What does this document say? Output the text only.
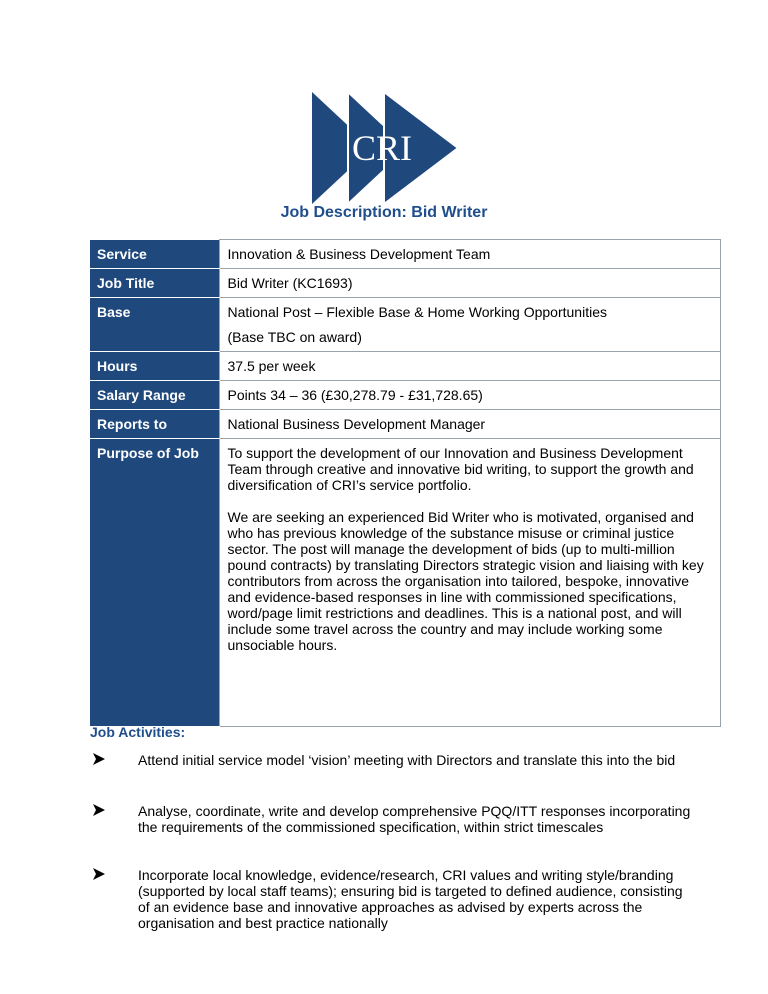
CRI
Job Description: Bid Writer
Service	Innovation & Business Development Team
Job Title	Bid Writer (KC1693)
Base	National Post – Flexible Base & Home Working Opportunities
(Base TBC on award)

Hours	37.5 per week
Salary Range	Points 34 – 36 (£30,278.79 - £31,728.65)
Reports to	National Business Development Manager
Purpose of Job	To support the development of our Innovation and Business Development Team through creative and innovative bid writing, to support the growth and diversification of CRI’s service portfolio.
We are seeking an experienced Bid Writer who is motivated, organised and who has previous knowledge of the substance misuse or criminal justice sector. The post will manage the development of bids (up to multi-million pound contracts) by translating Directors strategic vision and liaising with key contributors from across the organisation into tailored, bespoke, innovative and evidence-based responses in line with commissioned specifications, word/page limit restrictions and deadlines. This is a national post, and will include some travel across the country and may include working some unsociable hours.
Job Activities:
Attend initial service model ‘vision’ meeting with Directors and translate this into the bid
Analyse, coordinate, write and develop comprehensive PQQ/ITT responses incorporating the requirements of the commissioned specification, within strict timescales
Incorporate local knowledge, evidence/research, CRI values and writing style/branding (supported by local staff teams); ensuring bid is targeted to defined audience, consisting of an evidence base and innovative approaches as advised by experts across the organisation and best practice nationally
